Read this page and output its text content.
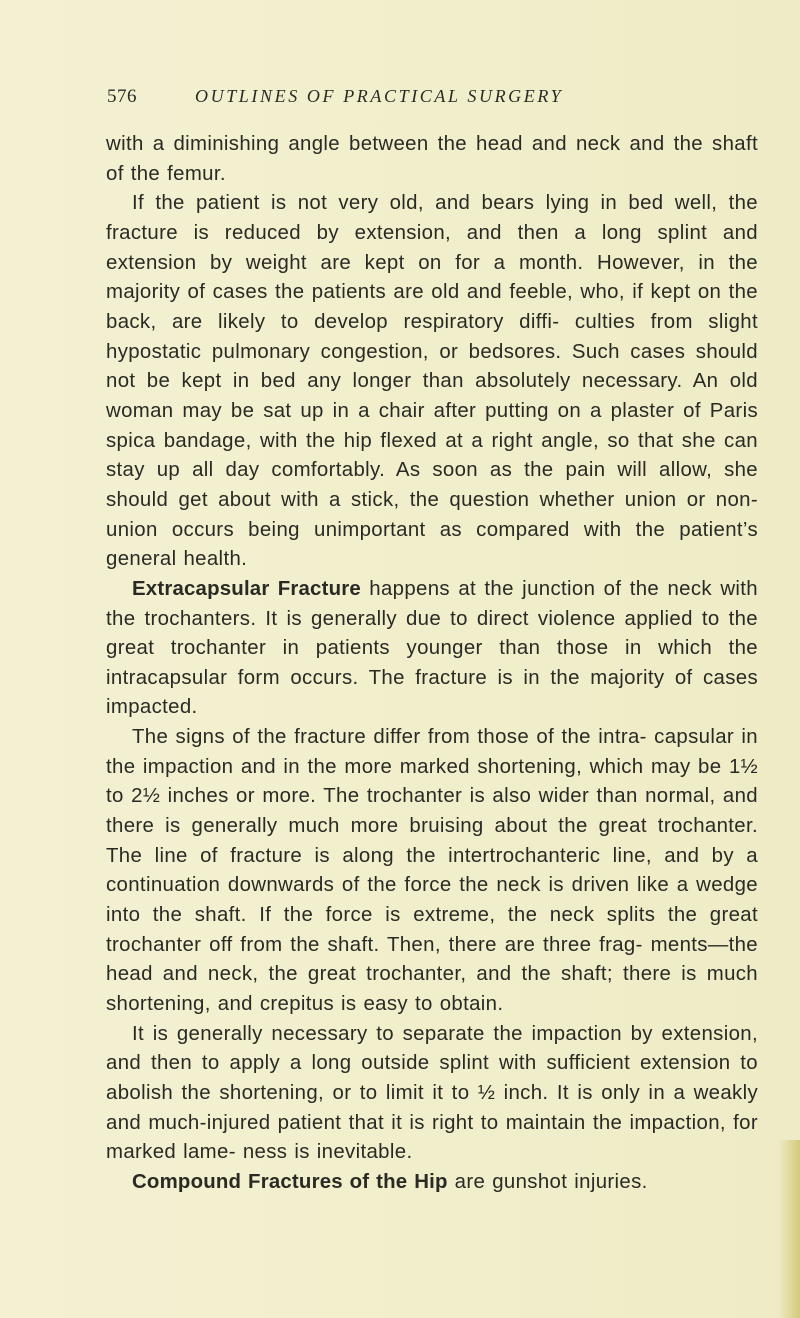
576	OUTLINES OF PRACTICAL SURGERY

with a diminishing angle between the head and neck and the shaft of the femur.

If the patient is not very old, and bears lying in bed well, the fracture is reduced by extension, and then a long splint and extension by weight are kept on for a month. However, in the majority of cases the patients are old and feeble, who, if kept on the back, are likely to develop respiratory diffi- culties from slight hypostatic pulmonary congestion, or bedsores. Such cases should not be kept in bed any longer than absolutely necessary. An old woman may be sat up in a chair after putting on a plaster of Paris spica bandage, with the hip flexed at a right angle, so that she can stay up all day comfortably. As soon as the pain will allow, she should get about with a stick, the question whether union or non-union occurs being unimportant as compared with the patient’s general health.

Extracapsular Fracture happens at the junction of the neck with the trochanters. It is generally due to direct violence applied to the great trochanter in patients younger than those in which the intracapsular form occurs. The fracture is in the majority of cases impacted.

The signs of the fracture differ from those of the intra- capsular in the impaction and in the more marked shortening, which may be 1½ to 2½ inches or more. The trochanter is also wider than normal, and there is generally much more bruising about the great trochanter. The line of fracture is along the intertrochanteric line, and by a continuation downwards of the force the neck is driven like a wedge into the shaft. If the force is extreme, the neck splits the great trochanter off from the shaft. Then, there are three frag- ments—the head and neck, the great trochanter, and the shaft; there is much shortening, and crepitus is easy to obtain.

It is generally necessary to separate the impaction by extension, and then to apply a long outside splint with sufficient extension to abolish the shortening, or to limit it to ½ inch. It is only in a weakly and much-injured patient that it is right to maintain the impaction, for marked lame- ness is inevitable.

Compound Fractures of the Hip are gunshot injuries.
